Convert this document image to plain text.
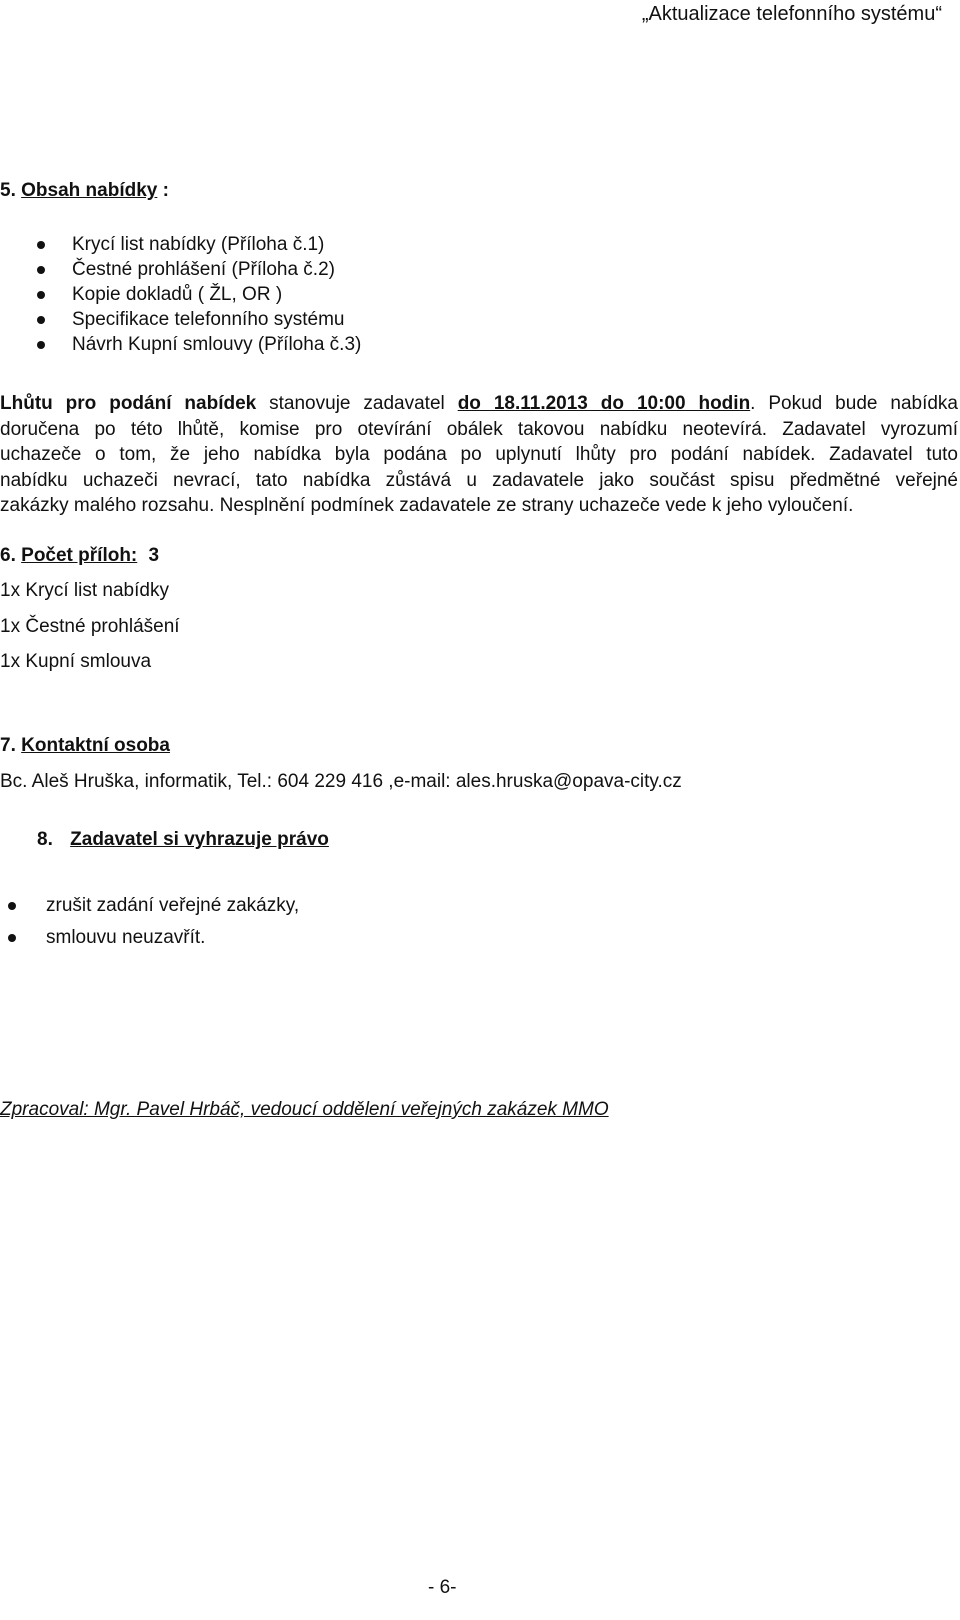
„Aktualizace telefonního systému“
5. Obsah nabídky :
Krycí list nabídky (Příloha č.1)
Čestné prohlášení (Příloha č.2)
Kopie dokladů ( ŽL, OR )
Specifikace telefonního systému
Návrh Kupní smlouvy (Příloha č.3)
Lhůtu pro podání nabídek stanovuje zadavatel do 18.11.2013 do 10:00 hodin. Pokud bude nabídka
doručena po této lhůtě, komise pro otevírání obálek takovou nabídku neotevírá. Zadavatel vyrozumí
uchazeče o tom, že jeho nabídka byla podána po uplynutí lhůty pro podání nabídek. Zadavatel tuto
nabídku uchazeči nevrací, tato nabídka zůstává u zadavatele jako součást spisu předmětné veřejné
zakázky malého rozsahu. Nesplnění podmínek zadavatele ze strany uchazeče vede k jeho vyloučení.
6. Počet příloh: 3
1x Krycí list nabídky
1x Čestné prohlášení
1x Kupní smlouva
7. Kontaktní osoba
Bc. Aleš Hruška, informatik, Tel.: 604 229 416 ,e-mail: ales.hruska@opava-city.cz
8. Zadavatel si vyhrazuje právo
zrušit zadání veřejné zakázky,
smlouvu neuzavřít.
Zpracoval: Mgr. Pavel Hrbáč, vedoucí oddělení veřejných zakázek MMO
- 6-
